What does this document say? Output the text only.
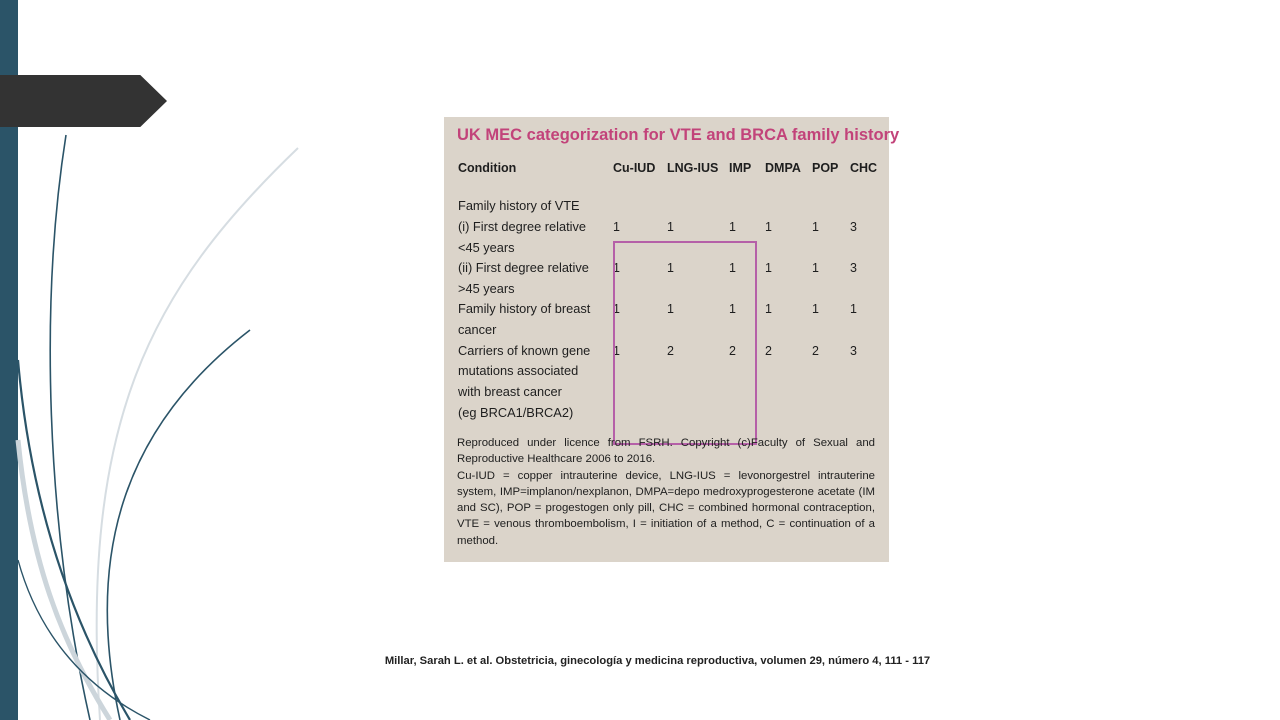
UK MEC categorization for VTE and BRCA family history
Condition	Cu-IUD LNG-IUS IMP DMPA POP CHC
Family history of VTE
(i) First degree relative
<45 years
1	1	1 1	1 3
(ii) First degree relative
>45 years
1	1	1 1	1 3
Family history of breast
cancer
1	1	1 1	1 1
Carriers of known gene
mutations associated
with breast cancer
(eg BRCA1/BRCA2)
1	2	2 2	2 3

Reproduced under licence from FSRH. Copyright (c)Faculty of Sexual and Reproductive Healthcare 2006 to 2016.

Cu-IUD = copper intrauterine device, LNG-IUS = levonorgestrel intrauterine system, IMP=implanon/nexplanon, DMPA=depo medroxyprogesterone acetate (IM and SC), POP = progestogen only pill, CHC = combined hormonal contraception, VTE = venous thromboembolism, I = initiation of a method, C = continuation of a method.

Millar, Sarah L. et al. Obstetricia, ginecología y medicina reproductiva, volumen 29, número 4, 111 - 117
